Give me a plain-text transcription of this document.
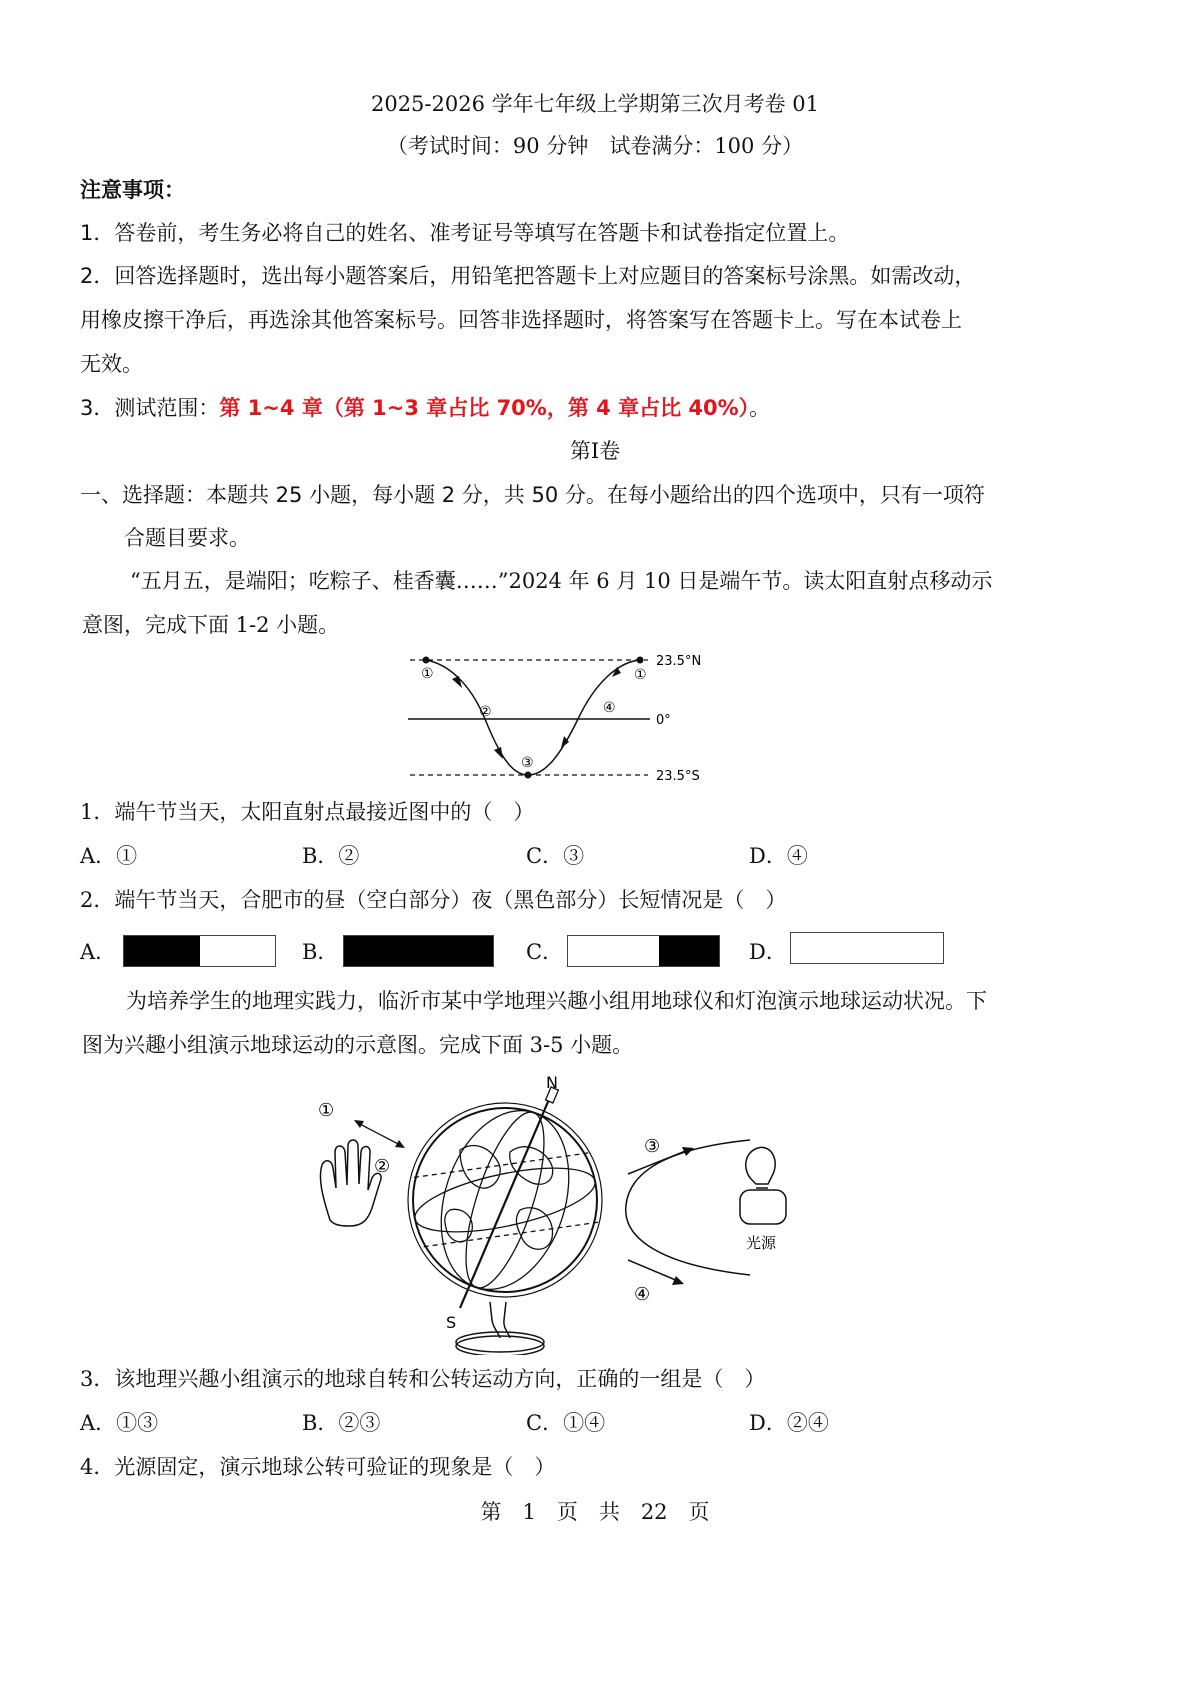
2025-2026 学年七年级上学期第三次月考卷 01
（考试时间：90 分钟　试卷满分：100 分）
注意事项：
1．答卷前，考生务必将自己的姓名、准考证号等填写在答题卡和试卷指定位置上。
2．回答选择题时，选出每小题答案后，用铅笔把答题卡上对应题目的答案标号涂黑。如需改动，
用橡皮擦干净后，再选涂其他答案标号。回答非选择题时，将答案写在答题卡上。写在本试卷上
无效。
3．测试范围：第 1~4 章（第 1~3 章占比 70%，第 4 章占比 40%）。
第Ⅰ卷
一、选择题：本题共 25 小题，每小题 2 分，共 50 分。在每小题给出的四个选项中，只有一项符
合题目要求。
“五月五，是端阳；吃粽子、桂香囊……”2024 年 6 月 10 日是端午节。读太阳直射点移动示
意图，完成下面 1-2 小题。
①
②
③
④
①
23.5°N
0°
23.5°S
1．端午节当天，太阳直射点最接近图中的（　）
A．①	B．②	C．③	D．④
2．端午节当天，合肥市的昼（空白部分）夜（黑色部分）长短情况是（　）
A．	B．	C．	D．
为培养学生的地理实践力，临沂市某中学地理兴趣小组用地球仪和灯泡演示地球运动状况。下
图为兴趣小组演示地球运动的示意图。完成下面 3-5 小题。
①
②
N
S
③
④
光源
3．该地理兴趣小组演示的地球自转和公转运动方向，正确的一组是（　）
A．①③	B．②③	C．①④	D．②④
4．光源固定，演示地球公转可验证的现象是（　）
第　1　页　共　22　页
